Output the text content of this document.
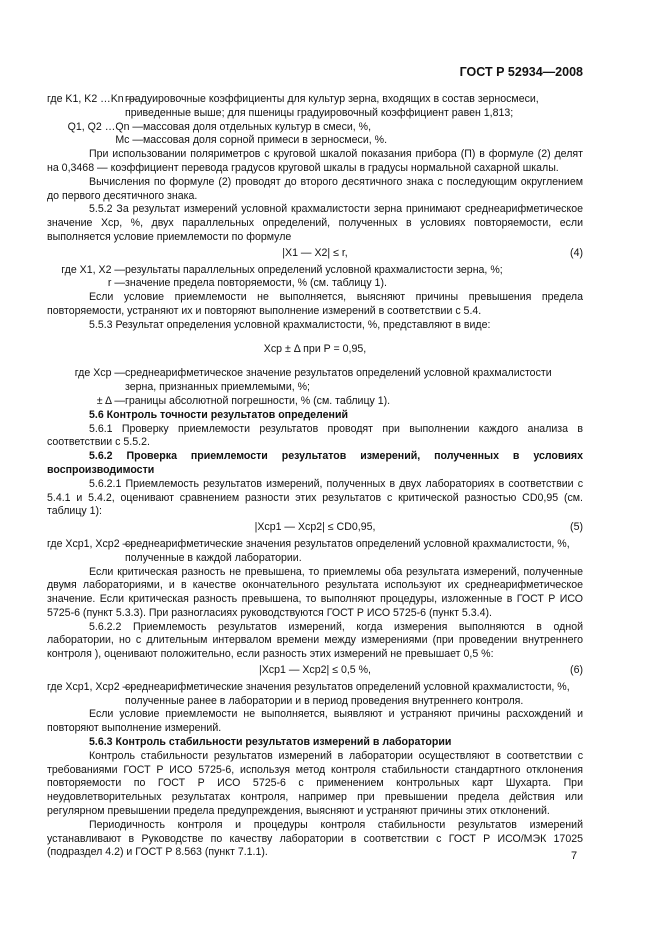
ГОСТ Р 52934—2008
где K1, K2 …Kn —
градуировочные коэффициенты для культур зерна, входящих в состав зерносмеси, приведенные выше; для пшеницы градуировочный коэффициент равен 1,813;
Q1, Q2 …Qn — массовая доля отдельных культур в смеси, %,
Mc — массовая доля сорной примеси в зерносмеси, %.

При использовании поляриметров с круговой шкалой показания прибора (П) в формуле (2) делят на 0,3468 — коэффициент перевода градусов круговой шкалы в градусы нормальной сахарной шкалы.

Вычисления по формуле (2) проводят до второго десятичного знака с последующим округлением до первого десятичного знака.

5.5.2 За результат измерений условной крахмалистости зерна принимают среднеарифметическое значение Xср, %, двух параллельных определений, полученных в условиях повторяемости, если выполняется условие приемлемости по формуле

|X1 — X2| ≤ r,	(4)
где X1, X2 — результаты параллельных определений условной крахмалистости зерна, %;
r — значение предела повторяемости, % (см. таблицу 1).

Если условие приемлемости не выполняется, выясняют причины превышения предела повторяемости, устраняют их и повторяют выполнение измерений в соответствии с 5.4.

5.5.3 Результат определения условной крахмалистости, %, представляют в виде:

Xср ± Δ при P = 0,95,
где Xср — среднеарифметическое значение результатов определений условной крахмалистости зерна, признанных приемлемыми, %;
± Δ — границы абсолютной погрешности, % (см. таблицу 1).

5.6 Контроль точности результатов определений

5.6.1 Проверку приемлемости результатов проводят при выполнении каждого анализа в соответствии с 5.5.2.

5.6.2 Проверка приемлемости результатов измерений, полученных в условиях воспроизводимости

5.6.2.1 Приемлемость результатов измерений, полученных в двух лабораториях в соответствии с 5.4.1 и 5.4.2, оценивают сравнением разности этих результатов с критической разностью CD0,95 (см. таблицу 1):

|Xср1 — Xср2| ≤ CD0,95,	(5)
где Xср1, Xср2 —
среднеарифметические значения результатов определений условной крахмалистости, %, полученные в каждой лаборатории.

Если критическая разность не превышена, то приемлемы оба результата измерений, полученные двумя лабораториями, и в качестве окончательного результата используют их среднеарифметическое значение. Если критическая разность превышена, то выполняют процедуры, изложенные в ГОСТ Р ИСО 5725-6 (пункт 5.3.3). При разногласиях руководствуются ГОСТ Р ИСО 5725-6 (пункт 5.3.4).

5.6.2.2 Приемлемость результатов измерений, когда измерения выполняются в одной лаборатории, но с длительным интервалом времени между измерениями (при проведении внутреннего контроля ), оценивают положительно, если разность этих измерений не превышает 0,5 %:

|Xср1 — Xср2| ≤ 0,5 %,	(6)
где Xср1, Xср2 —
среднеарифметические значения результатов определений условной крахмалистости, %, полученные ранее в лаборатории и в период проведения внутреннего контроля.

Если условие приемлемости не выполняется, выявляют и устраняют причины расхождений и повторяют выполнение измерений.

5.6.3 Контроль стабильности результатов измерений в лаборатории

Контроль стабильности результатов измерений в лаборатории осуществляют в соответствии с требованиями ГОСТ Р ИСО 5725-6, используя метод контроля стабильности стандартного отклонения повторяемости по ГОСТ Р ИСО 5725-6 с применением контрольных карт Шухарта. При неудовлетворительных результатах контроля, например при превышении предела действия или регулярном превышении предела предупреждения, выясняют и устраняют причины этих отклонений.

Периодичность контроля и процедуры контроля стабильности результатов измерений устанавливают в Руководстве по качеству лаборатории в соответствии с ГОСТ Р ИСО/МЭК 17025 (подраздел 4.2) и ГОСТ Р 8.563 (пункт 7.1.1).	7
